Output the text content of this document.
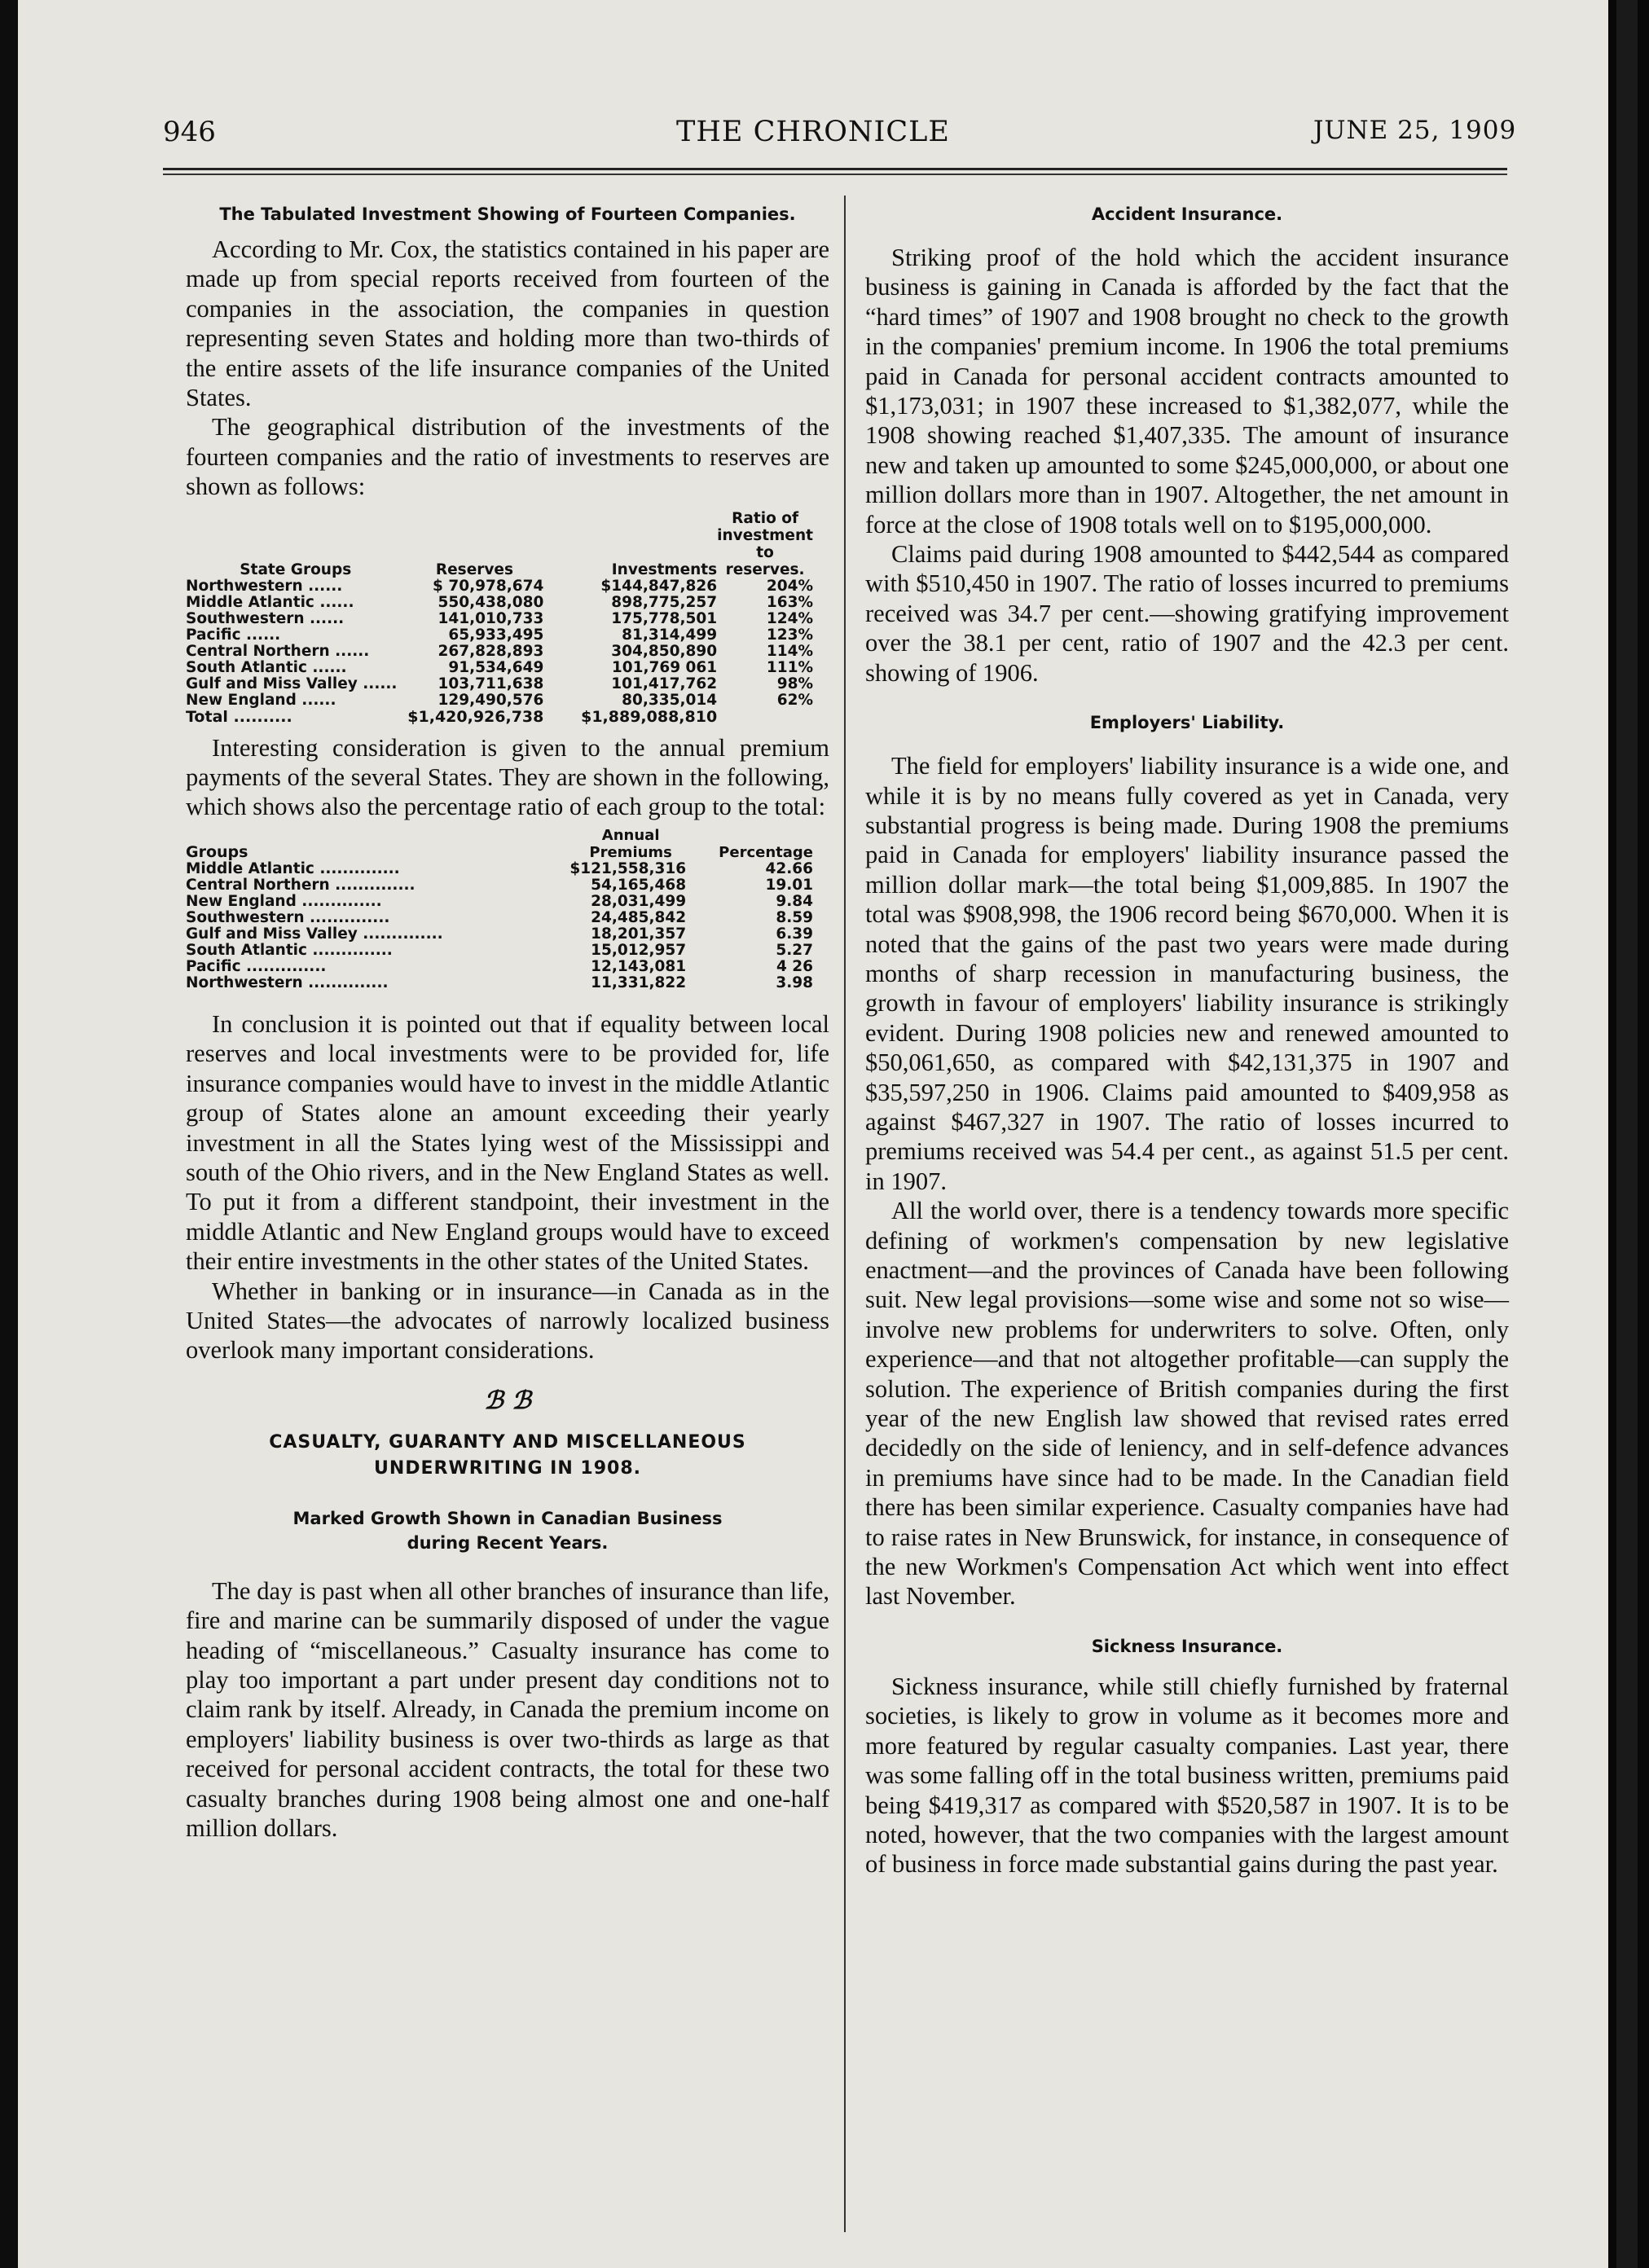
THE CHRONICLE
946	JUNE 25, 1909

The Tabulated Investment Showing of Fourteen Companies.

According to Mr. Cox, the statistics contained in his paper are made up from special reports received from fourteen of the companies in the association, the companies in question representing seven States and holding more than two-thirds of the entire assets of the life insurance companies of the United States.

The geographical distribution of the investments of the fourteen companies and the ratio of investments to reserves are shown as follows:

State Groups	Reserves	Investments	Ratio of investment to reserves.
Northwestern ......	$ 70,978,674	$144,847,826	204%
Middle Atlantic ......	550,438,080	898,775,257	163%
Southwestern ......	141,010,733	175,778,501	124%
Pacific ......	65,933,495	81,314,499	123%
Central Northern ......	267,828,893	304,850,890	114%
South Atlantic ......	91,534,649	101,769 061	111%
Gulf and Miss Valley ......	103,711,638	101,417,762	98%
New England ......	129,490,576	80,335,014	62%
Total ..........	$1,420,926,738	$1,889,088,810	

Interesting consideration is given to the annual premium payments of the several States. They are shown in the following, which shows also the percentage ratio of each group to the total:

Groups	Annual Premiums	Percentage
Middle Atlantic ..............	$121,558,316	42.66
Central Northern ..............	54,165,468	19.01
New England ..............	28,031,499	9.84
Southwestern ..............	24,485,842	8.59
Gulf and Miss Valley ..............	18,201,357	6.39
South Atlantic ..............	15,012,957	5.27
Pacific ..............	12,143,081	4 26
Northwestern ..............	11,331,822	3.98

In conclusion it is pointed out that if equality between local reserves and local investments were to be provided for, life insurance companies would have to invest in the middle Atlantic group of States alone an amount exceeding their yearly investment in all the States lying west of the Mississippi and south of the Ohio rivers, and in the New England States as well. To put it from a different standpoint, their investment in the middle Atlantic and New England groups would have to exceed their entire investments in the other states of the United States.

Whether in banking or in insurance—in Canada as in the United States—the advocates of narrowly localized business overlook many important considerations.

ℬ ℬ

CASUALTY, GUARANTY AND MISCELLANEOUS UNDERWRITING IN 1908.

Marked Growth Shown in Canadian Business during Recent Years.

The day is past when all other branches of insurance than life, fire and marine can be summarily disposed of under the vague heading of “miscellaneous.” Casualty insurance has come to play too important a part under present day conditions not to claim rank by itself. Already, in Canada the premium income on employers' liability business is over two-thirds as large as that received for personal accident contracts, the total for these two casualty branches during 1908 being almost one and one-half million dollars.

Accident Insurance.

Striking proof of the hold which the accident insurance business is gaining in Canada is afforded by the fact that the “hard times” of 1907 and 1908 brought no check to the growth in the companies' premium income. In 1906 the total premiums paid in Canada for personal accident contracts amounted to $1,173,031; in 1907 these increased to $1,382,077, while the 1908 showing reached $1,407,335. The amount of insurance new and taken up amounted to some $245,000,000, or about one million dollars more than in 1907. Altogether, the net amount in force at the close of 1908 totals well on to $195,000,000.

Claims paid during 1908 amounted to $442,544 as compared with $510,450 in 1907. The ratio of losses incurred to premiums received was 34.7 per cent.—showing gratifying improvement over the 38.1 per cent, ratio of 1907 and the 42.3 per cent. showing of 1906.

Employers' Liability.

The field for employers' liability insurance is a wide one, and while it is by no means fully covered as yet in Canada, very substantial progress is being made. During 1908 the premiums paid in Canada for employers' liability insurance passed the million dollar mark—the total being $1,009,885. In 1907 the total was $908,998, the 1906 record being $670,000. When it is noted that the gains of the past two years were made during months of sharp recession in manufacturing business, the growth in favour of employers' liability insurance is strikingly evident. During 1908 policies new and renewed amounted to $50,061,650, as compared with $42,131,375 in 1907 and $35,597,250 in 1906. Claims paid amounted to $409,958 as against $467,327 in 1907. The ratio of losses incurred to premiums received was 54.4 per cent., as against 51.5 per cent. in 1907.

All the world over, there is a tendency towards more specific defining of workmen's compensation by new legislative enactment—and the provinces of Canada have been following suit. New legal provisions—some wise and some not so wise—involve new problems for underwriters to solve. Often, only experience—and that not altogether profitable—can supply the solution. The experience of British companies during the first year of the new English law showed that revised rates erred decidedly on the side of leniency, and in self-defence advances in premiums have since had to be made. In the Canadian field there has been similar experience. Casualty companies have had to raise rates in New Brunswick, for instance, in consequence of the new Workmen's Compensation Act which went into effect last November.

Sickness Insurance.

Sickness insurance, while still chiefly furnished by fraternal societies, is likely to grow in volume as it becomes more and more featured by regular casualty companies. Last year, there was some falling off in the total business written, premiums paid being $419,317 as compared with $520,587 in 1907. It is to be noted, however, that the two companies with the largest amount of business in force made substantial gains during the past year.
